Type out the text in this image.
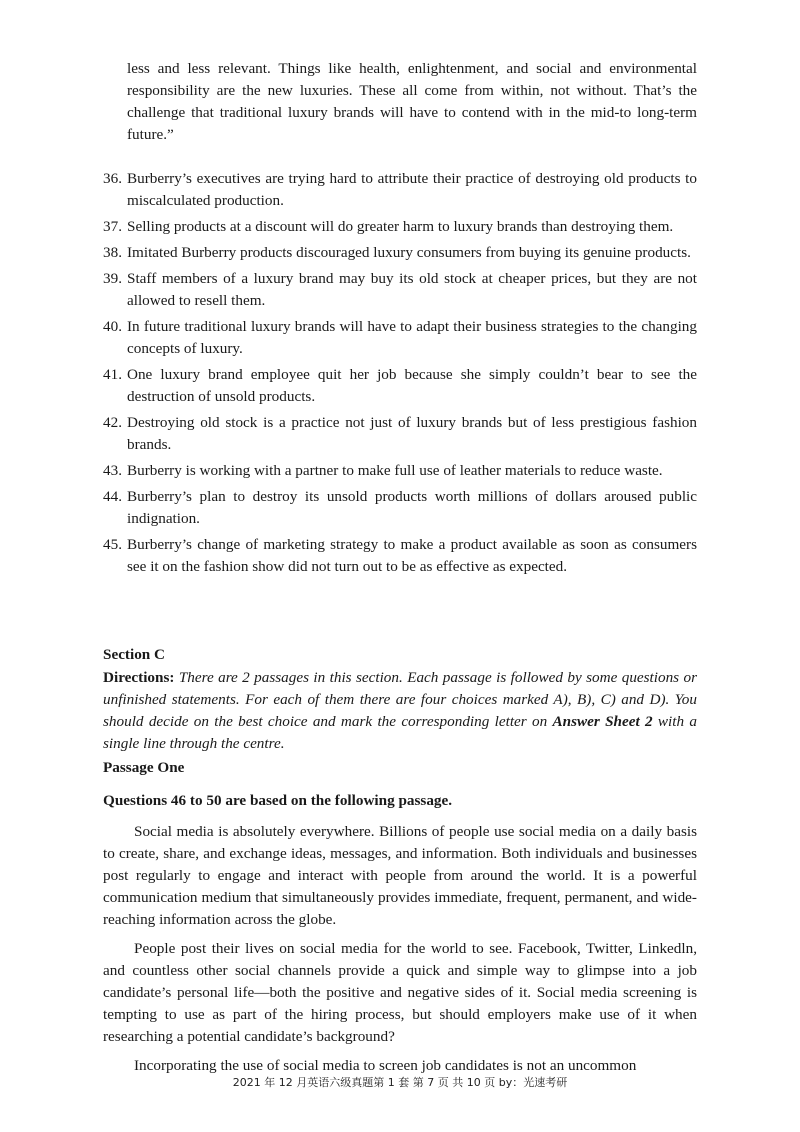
less and less relevant. Things like health, enlightenment, and social and environmental responsibility are the new luxuries. These all come from within, not without. That’s the challenge that traditional luxury brands will have to contend with in the mid-to long-term future.”
36. Burberry’s executives are trying hard to attribute their practice of destroying old products to miscalculated production.
37. Selling products at a discount will do greater harm to luxury brands than destroying them.
38. Imitated Burberry products discouraged luxury consumers from buying its genuine products.
39. Staff members of a luxury brand may buy its old stock at cheaper prices, but they are not allowed to resell them.
40. In future traditional luxury brands will have to adapt their business strategies to the changing concepts of luxury.
41. One luxury brand employee quit her job because she simply couldn’t bear to see the destruction of unsold products.
42. Destroying old stock is a practice not just of luxury brands but of less prestigious fashion brands.
43. Burberry is working with a partner to make full use of leather materials to reduce waste.
44. Burberry’s plan to destroy its unsold products worth millions of dollars aroused public indignation.
45. Burberry’s change of marketing strategy to make a product available as soon as consumers see it on the fashion show did not turn out to be as effective as expected.
Section C
Directions: There are 2 passages in this section. Each passage is followed by some questions or unfinished statements. For each of them there are four choices marked A), B), C) and D). You should decide on the best choice and mark the corresponding letter on Answer Sheet 2 with a single line through the centre.
Passage One
Questions 46 to 50 are based on the following passage.
Social media is absolutely everywhere. Billions of people use social media on a daily basis to create, share, and exchange ideas, messages, and information. Both individuals and businesses post regularly to engage and interact with people from around the world. It is a powerful communication medium that simultaneously provides immediate, frequent, permanent, and wide-reaching information across the globe.
People post their lives on social media for the world to see. Facebook, Twitter, Linkedln, and countless other social channels provide a quick and simple way to glimpse into a job candidate’s personal life—both the positive and negative sides of it. Social media screening is tempting to use as part of the hiring process, but should employers make use of it when researching a potential candidate’s background?
Incorporating the use of social media to screen job candidates is not an uncommon
2021 年 12 月英语六级真题第 1 套 第 7 页 共 10 页 by：光速考研
